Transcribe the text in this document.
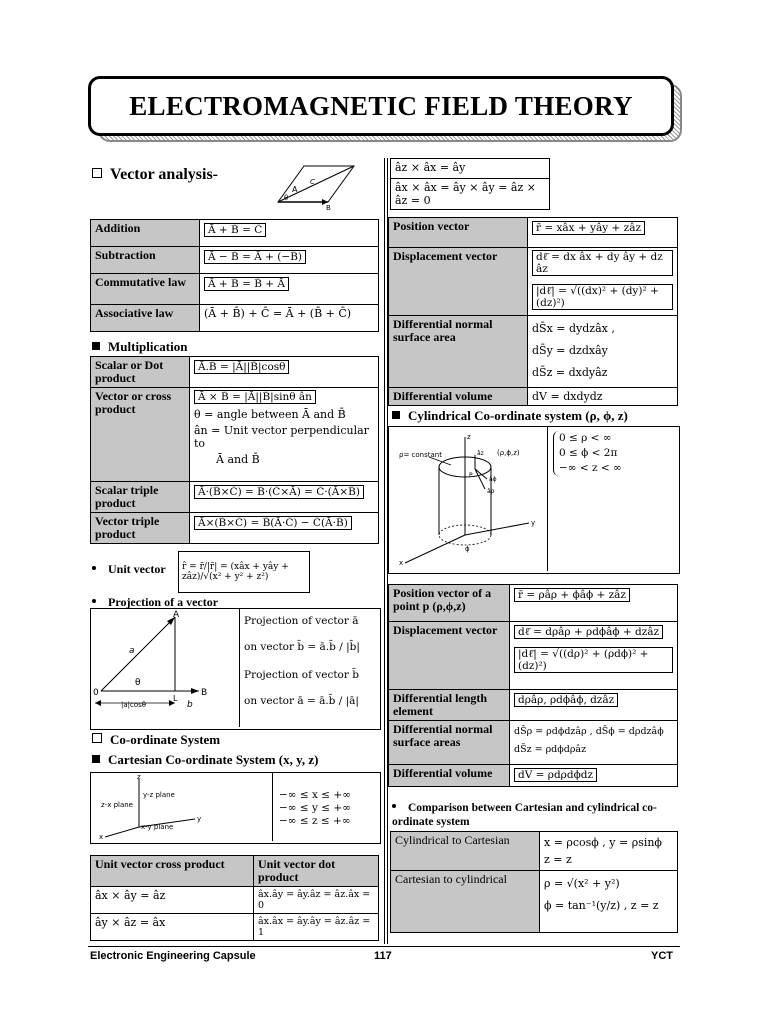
ELECTROMAGNETIC FIELD THEORY
Vector analysis-
A
C
B
θ
Addition	Ā + B̄ = C̄
Subtraction	Ā − B̄ = Ā + (−B̄)
Commutative law	Ā + B̄ = B̄ + Ā
Associative law	(Ā + B̄) + C̄ = Ā + (B̄ + C̄)
Multiplication
Scalar or Dot product	Ā.B̄ = |Ā||B̄|cosθ
Vector or cross product	Ā × B̄ = |Ā||B̄|sinθ ân
θ = angle between Ā and B̄
ân = Unit vector perpendicular to
Ā and B̄

Scalar triple product	Ā·(B̄×C̄) = B̄·(C̄×Ā) = C̄·(Ā×B̄)
Vector triple product	Ā×(B̄×C̄) = B̄(Ā·C̄) − C̄(Ā·B̄)
Unit vector	r̂ = r̄/|r̄| = (xâx + yây + zâz)/√(x² + y² + z²)
Projection of a vector
A
B
0
L
a
b
θ
|a|cosθ
Projection of vector ā
on vector b̄ = ā.b̄ / |b̄|
Projection of vector b̄
on vector ā = ā.b̄ / |ā|
Co-ordinate System
Cartesian Co-ordinate System (x, y, z)
z
y
x
y-z plane
z-x plane
x-y plane
−∞ ≤ x ≤ +∞
−∞ ≤ y ≤ +∞
−∞ ≤ z ≤ +∞
Unit vector cross product	Unit vector dot product
âx × ây = âz	âx.ây = ây.âz = âz.âx = 0
ây × âz = âx	âx.âx = ây.ây = âz.âz = 1
âz × âx = ây
âx × âx = ây × ây = âz × âz = 0
Position vector	r̄ = xâx + yây + zâz
Displacement vector	dℓ̄ = dx âx + dy ây + dz âz
|dℓ̄| = √((dx)² + (dy)² + (dz)²)

Differential normal surface area	dS̄x = dydzâx ,
dS̄y = dzdxây
dS̄z = dxdyâz

Differential volume	dV = dxdydz
Cylindrical Co-ordinate system (ρ, ϕ, z)
ρ= constant	(ρ,ϕ,z)
z
y
x
ϕ
âz
âϕ
âρ
P
0 ≤ ρ < ∞
0 ≤ ϕ < 2π
−∞ < z < ∞
Position vector of a point p (ρ,ϕ,z)	r̄ = ρâρ + ϕâϕ + zâz
Displacement vector	dℓ̄ = dρâρ + ρdϕâϕ + dzâz
|dℓ̄| = √((dρ)² + (ρdϕ)² + (dz)²)

Differential length element	dρâρ, ρdϕâϕ, dzâz
Differential normal surface areas	dS̄ρ = ρdϕdzâρ , dS̄ϕ = dρdzâϕ
dS̄z = ρdϕdρâz

Differential volume	dV = ρdρdϕdz
Comparison between Cartesian and cylindrical co-ordinate system
Cylindrical to Cartesian	x = ρcosϕ , y = ρsinϕ
z = z

Cartesian to cylindrical	ρ = √(x² + y²)
ϕ = tan⁻¹(y/z) , z = z
Electronic Engineering Capsule	117	YCT
